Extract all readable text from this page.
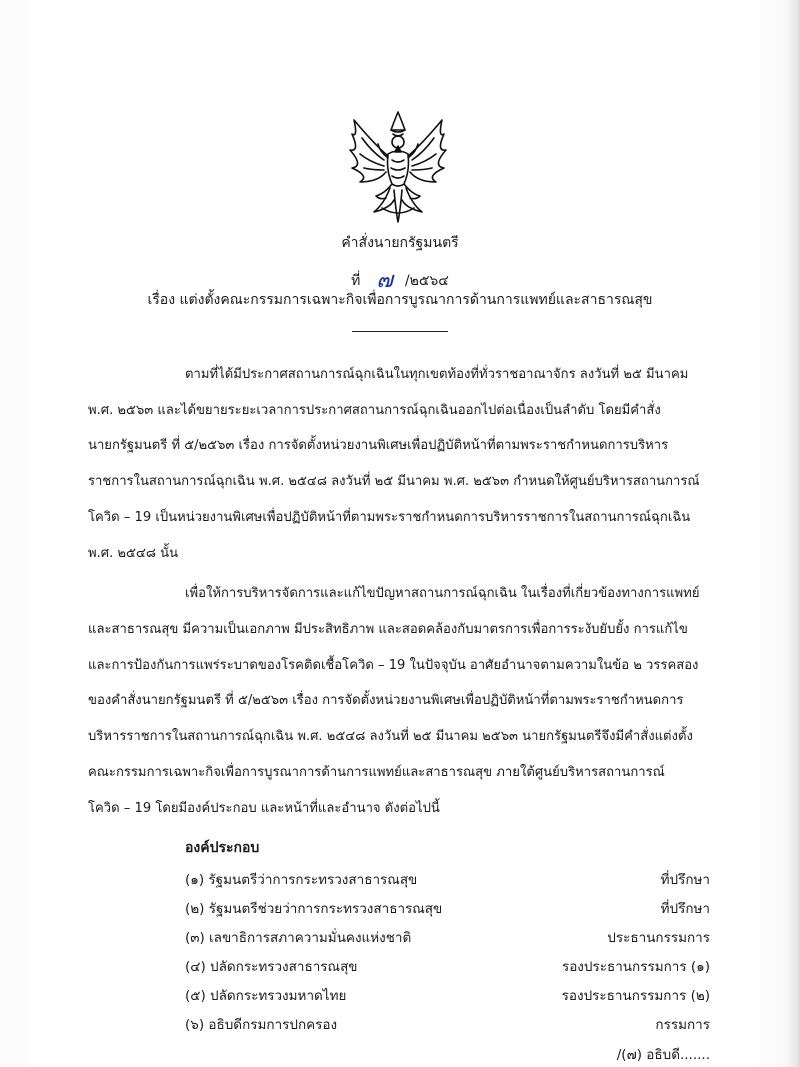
คำสั่งนายกรัฐมนตรี
ที่ ๗ /๒๕๖๔
เรื่อง แต่งตั้งคณะกรรมการเฉพาะกิจเพื่อการบูรณาการด้านการแพทย์และสาธารณสุข
ตามที่ได้มีประกาศสถานการณ์ฉุกเฉินในทุกเขตท้องที่ทั่วราชอาณาจักร ลงวันที่ ๒๕ มีนาคม
พ.ศ. ๒๕๖๓ และได้ขยายระยะเวลาการประกาศสถานการณ์ฉุกเฉินออกไปต่อเนื่องเป็นลำดับ โดยมีคำสั่ง
นายกรัฐมนตรี ที่ ๕/๒๕๖๓ เรื่อง การจัดตั้งหน่วยงานพิเศษเพื่อปฏิบัติหน้าที่ตามพระราชกำหนดการบริหาร
ราชการในสถานการณ์ฉุกเฉิน พ.ศ. ๒๕๔๘ ลงวันที่ ๒๕ มีนาคม พ.ศ. ๒๕๖๓ กำหนดให้ศูนย์บริหารสถานการณ์
โควิด – 19 เป็นหน่วยงานพิเศษเพื่อปฏิบัติหน้าที่ตามพระราชกำหนดการบริหารราชการในสถานการณ์ฉุกเฉิน
พ.ศ. ๒๕๔๘ นั้น
เพื่อให้การบริหารจัดการและแก้ไขปัญหาสถานการณ์ฉุกเฉิน ในเรื่องที่เกี่ยวข้องทางการแพทย์
และสาธารณสุข มีความเป็นเอกภาพ มีประสิทธิภาพ และสอดคล้องกับมาตรการเพื่อการระงับยับยั้ง การแก้ไข
และการป้องกันการแพร่ระบาดของโรคติดเชื้อโควิด – 19 ในปัจจุบัน อาศัยอำนาจตามความในข้อ ๒ วรรคสอง
ของคำสั่งนายกรัฐมนตรี ที่ ๕/๒๕๖๓ เรื่อง การจัดตั้งหน่วยงานพิเศษเพื่อปฏิบัติหน้าที่ตามพระราชกำหนดการ
บริหารราชการในสถานการณ์ฉุกเฉิน พ.ศ. ๒๕๔๘ ลงวันที่ ๒๕ มีนาคม ๒๕๖๓ นายกรัฐมนตรีจึงมีคำสั่งแต่งตั้ง
คณะกรรมการเฉพาะกิจเพื่อการบูรณาการด้านการแพทย์และสาธารณสุข ภายใต้ศูนย์บริหารสถานการณ์
โควิด – 19 โดยมีองค์ประกอบ และหน้าที่และอำนาจ ดังต่อไปนี้
องค์ประกอบ
(๑) รัฐมนตรีว่าการกระทรวงสาธารณสุข	ที่ปรึกษา
(๒) รัฐมนตรีช่วยว่าการกระทรวงสาธารณสุข	ที่ปรึกษา
(๓) เลขาธิการสภาความมั่นคงแห่งชาติ	ประธานกรรมการ
(๔) ปลัดกระทรวงสาธารณสุข	รองประธานกรรมการ (๑)
(๕) ปลัดกระทรวงมหาดไทย	รองประธานกรรมการ (๒)
(๖) อธิบดีกรมการปกครอง	กรรมการ
/(๗) อธิบดี.......
